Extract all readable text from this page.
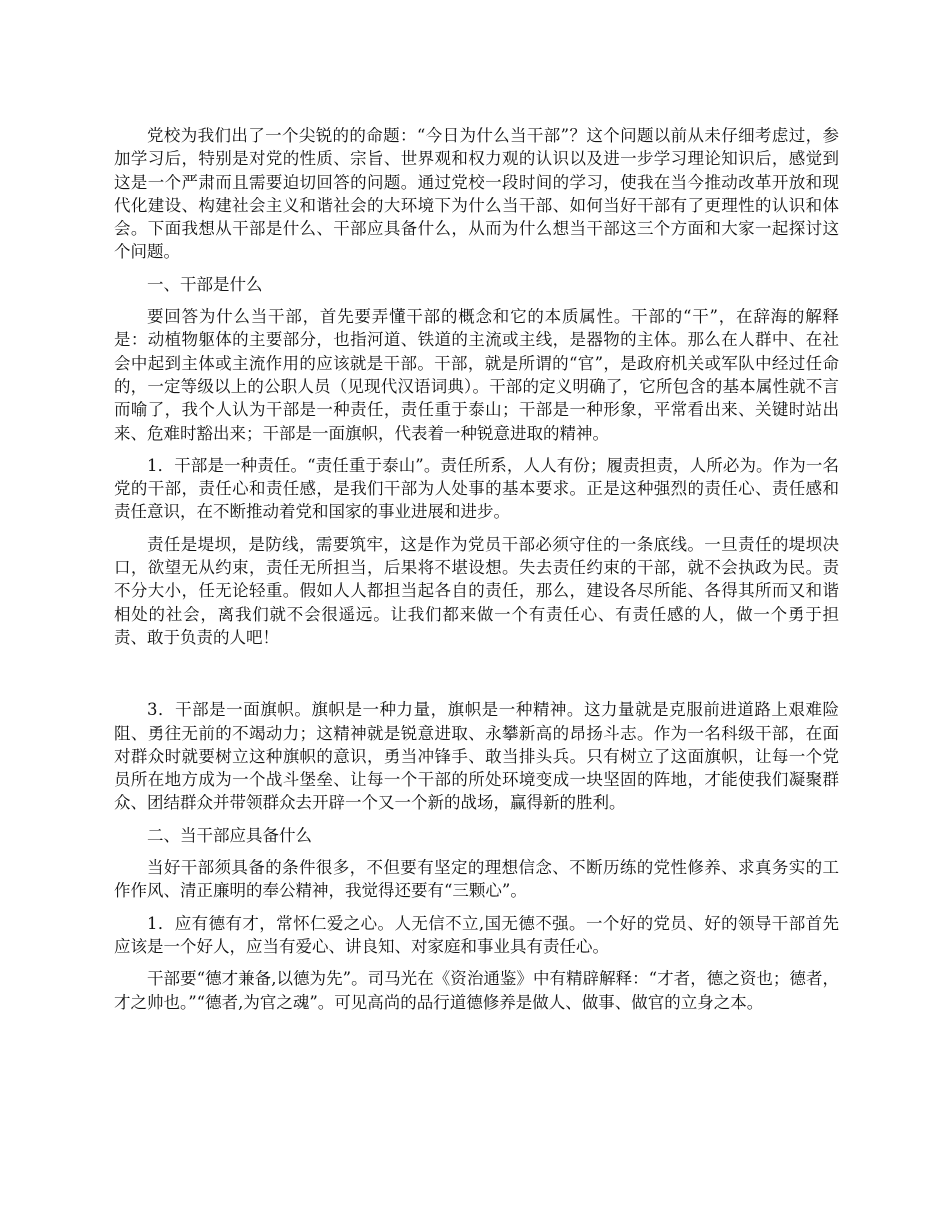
党校为我们出了一个尖锐的的命题：“今日为什么当干部”？这个问题以前从未仔细考虑过，参加学习后，特别是对党的性质、宗旨、世界观和权力观的认识以及进一步学习理论知识后，感觉到这是一个严肃而且需要迫切回答的问题。通过党校一段时间的学习，使我在当今推动改革开放和现代化建设、构建社会主义和谐社会的大环境下为什么当干部、如何当好干部有了更理性的认识和体会。下面我想从干部是什么、干部应具备什么，从而为什么想当干部这三个方面和大家一起探讨这个问题。

一、干部是什么

要回答为什么当干部，首先要弄懂干部的概念和它的本质属性。干部的“干”，在辞海的解释是：动植物躯体的主要部分，也指河道、铁道的主流或主线，是器物的主体。那么在人群中、在社会中起到主体或主流作用的应该就是干部。干部，就是所谓的“官”，是政府机关或军队中经过任命的，一定等级以上的公职人员（见现代汉语词典）。干部的定义明确了，它所包含的基本属性就不言而喻了，我个人认为干部是一种责任，责任重于泰山；干部是一种形象，平常看出来、关键时站出来、危难时豁出来；干部是一面旗帜，代表着一种锐意进取的精神。

1．干部是一种责任。“责任重于泰山”。责任所系，人人有份；履责担责，人所必为。作为一名党的干部，责任心和责任感，是我们干部为人处事的基本要求。正是这种强烈的责任心、责任感和责任意识，在不断推动着党和国家的事业进展和进步。

责任是堤坝，是防线，需要筑牢，这是作为党员干部必须守住的一条底线。一旦责任的堤坝决口，欲望无从约束，责任无所担当，后果将不堪设想。失去责任约束的干部，就不会执政为民。责不分大小，任无论轻重。假如人人都担当起各自的责任，那么，建设各尽所能、各得其所而又和谐相处的社会，离我们就不会很遥远。让我们都来做一个有责任心、有责任感的人，做一个勇于担责、敢于负责的人吧！

3．干部是一面旗帜。旗帜是一种力量，旗帜是一种精神。这力量就是克服前进道路上艰难险阻、勇往无前的不竭动力；这精神就是锐意进取、永攀新高的昂扬斗志。作为一名科级干部，在面对群众时就要树立这种旗帜的意识，勇当冲锋手、敢当排头兵。只有树立了这面旗帜，让每一个党员所在地方成为一个战斗堡垒、让每一个干部的所处环境变成一块坚固的阵地，才能使我们凝聚群众、团结群众并带领群众去开辟一个又一个新的战场，赢得新的胜利。

二、当干部应具备什么

当好干部须具备的条件很多，不但要有坚定的理想信念、不断历练的党性修养、求真务实的工作作风、清正廉明的奉公精神，我觉得还要有“三颗心”。

1．应有德有才，常怀仁爱之心。人无信不立,国无德不强。一个好的党员、好的领导干部首先应该是一个好人，应当有爱心、讲良知、对家庭和事业具有责任心。

干部要“德才兼备,以德为先”。司马光在《资治通鉴》中有精辟解释：“才者，德之资也；德者，才之帅也。”“德者,为官之魂”。可见高尚的品行道德修养是做人、做事、做官的立身之本。
